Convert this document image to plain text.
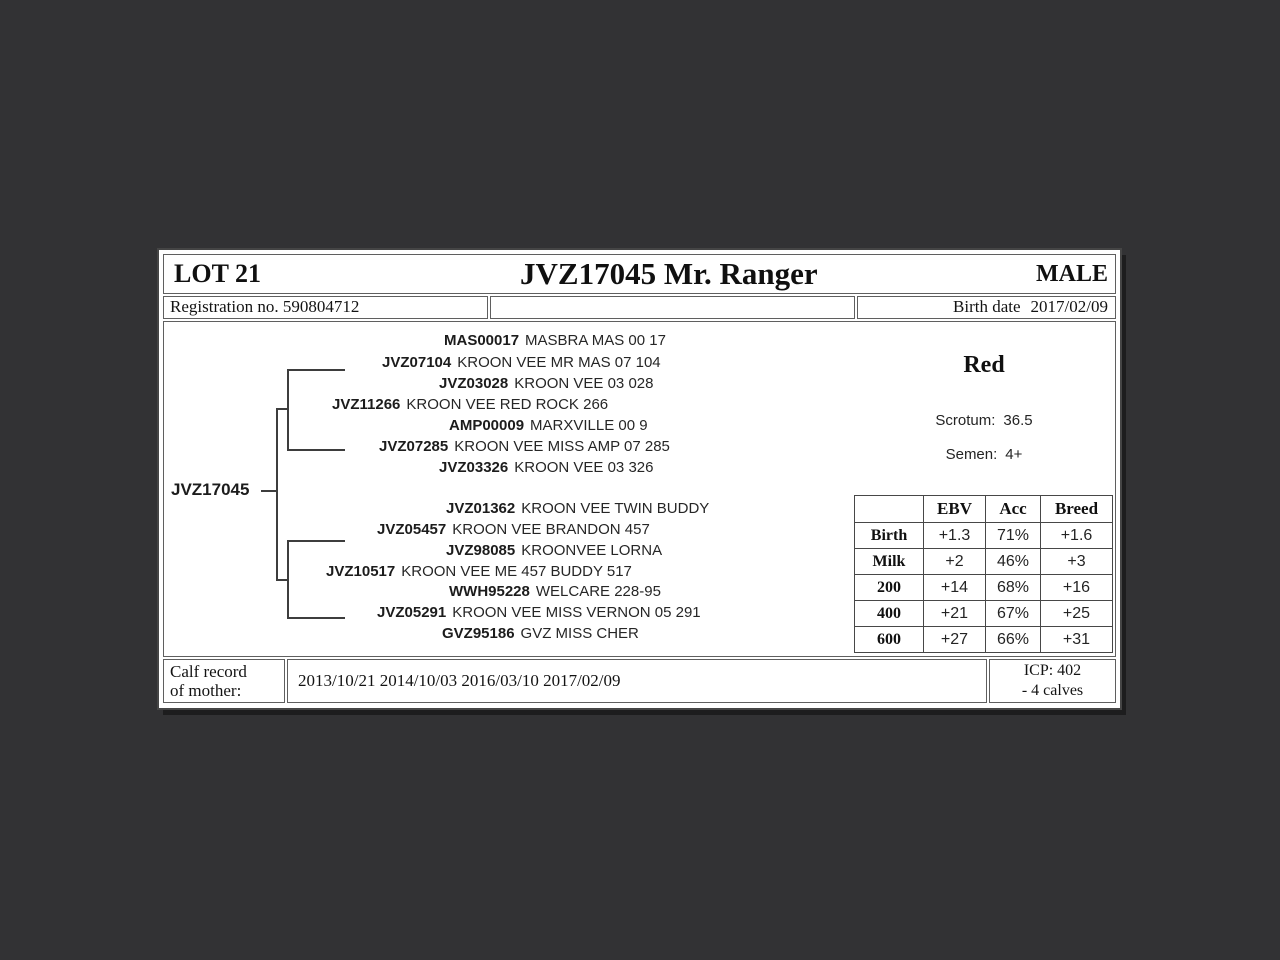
LOT 21	JVZ17045 Mr. Ranger	MALE
Registration no. 590804712	Birth date 2017/02/09
JVZ17045
MAS00017 MASBRA MAS 00 17
JVZ07104 KROON VEE MR MAS 07 104
JVZ03028 KROON VEE 03 028
JVZ11266 KROON VEE RED ROCK 266
AMP00009 MARXVILLE 00 9
JVZ07285 KROON VEE MISS AMP 07 285
JVZ03326 KROON VEE 03 326
JVZ01362 KROON VEE TWIN BUDDY
JVZ05457 KROON VEE BRANDON 457
JVZ98085 KROONVEE LORNA
JVZ10517 KROON VEE ME 457 BUDDY 517
WWH95228 WELCARE 228-95
JVZ05291 KROON VEE MISS VERNON 05 291
GVZ95186 GVZ MISS CHER
Red
Scrotum: 36.5
Semen: 4+
	EBV	Acc	Breed
Birth	+1.3	71%	+1.6
Milk	+2	46%	+3
200	+14	68%	+16
400	+21	67%	+25
600	+27	66%	+31
Calf record
of mother:
2013/10/21 2014/10/03 2016/03/10 2017/02/09
ICP: 402
- 4 calves
